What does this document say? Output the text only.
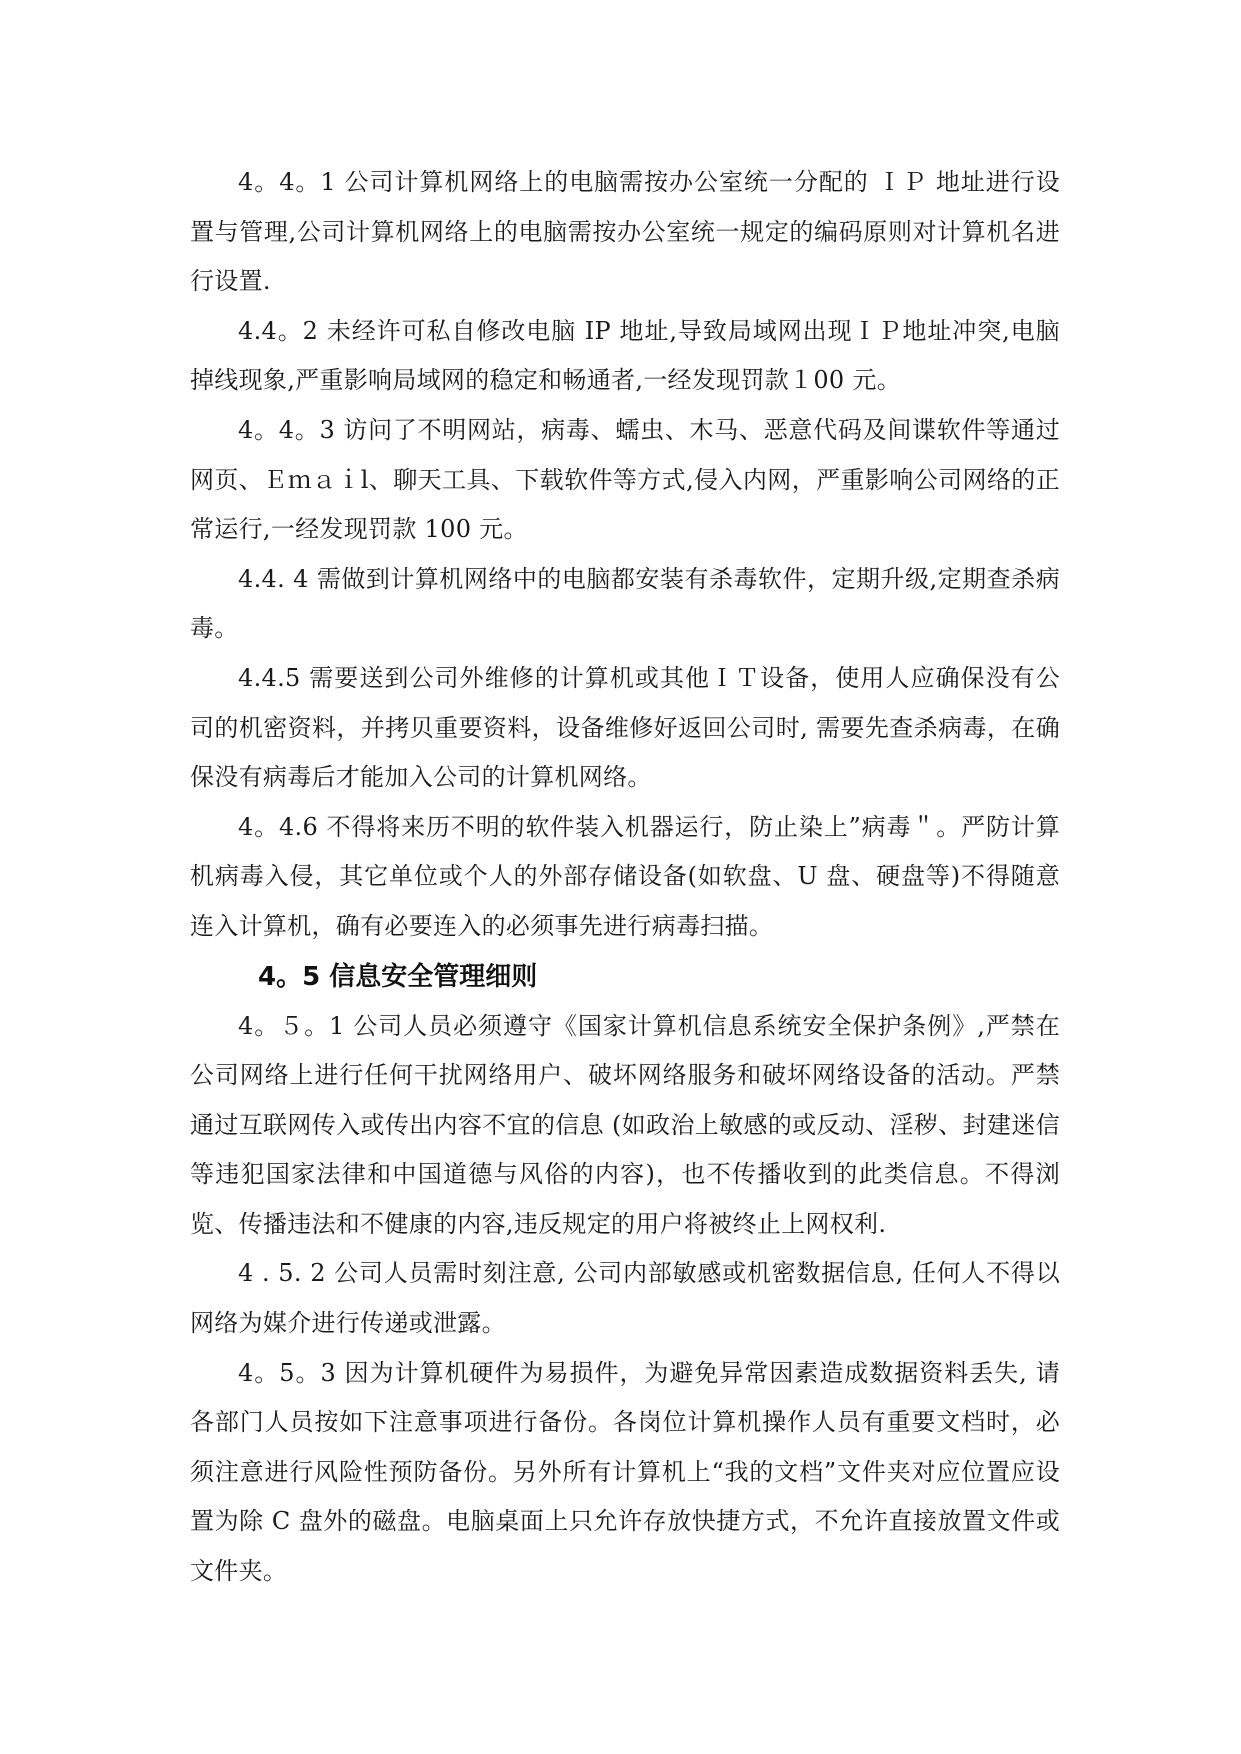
4。4。1 公司计算机网络上的电脑需按办公室统一分配的 ＩＰ 地址进行设置与管理,公司计算机网络上的电脑需按办公室统一规定的编码原则对计算机名进行设置.

4.4。2 未经许可私自修改电脑 IP 地址,导致局域网出现ＩＰ地址冲突,电脑掉线现象,严重影响局域网的稳定和畅通者,一经发现罚款１00 元。

4。4。3 访问了不明网站，病毒、蠕虫、木马、恶意代码及间谍软件等通过网页、Ｅｍａｉl、聊天工具、下载软件等方式,侵入内网，严重影响公司网络的正常运行,一经发现罚款 100 元。

4.4. 4 需做到计算机网络中的电脑都安装有杀毒软件，定期升级,定期查杀病毒。

4.4.5 需要送到公司外维修的计算机或其他ＩＴ设备，使用人应确保没有公司的机密资料，并拷贝重要资料，设备维修好返回公司时, 需要先查杀病毒，在确保没有病毒后才能加入公司的计算机网络。

4。4.6 不得将来历不明的软件装入机器运行，防止染上”病毒＂。严防计算机病毒入侵，其它单位或个人的外部存储设备(如软盘、U 盘、硬盘等)不得随意连入计算机，确有必要连入的必须事先进行病毒扫描。

4。5 信息安全管理细则

4。５。1 公司人员必须遵守《国家计算机信息系统安全保护条例》,严禁在公司网络上进行任何干扰网络用户、破坏网络服务和破坏网络设备的活动。严禁通过互联网传入或传出内容不宜的信息 (如政治上敏感的或反动、淫秽、封建迷信等违犯国家法律和中国道德与风俗的内容)，也不传播收到的此类信息。不得浏览、传播违法和不健康的内容,违反规定的用户将被终止上网权利.

4 . 5. 2 公司人员需时刻注意, 公司内部敏感或机密数据信息, 任何人不得以网络为媒介进行传递或泄露。

4。5。3 因为计算机硬件为易损件，为避免异常因素造成数据资料丢失, 请各部门人员按如下注意事项进行备份。各岗位计算机操作人员有重要文档时，必须注意进行风险性预防备份。另外所有计算机上“我的文档”文件夹对应位置应设置为除 C 盘外的磁盘。电脑桌面上只允许存放快捷方式，不允许直接放置文件或文件夹。
